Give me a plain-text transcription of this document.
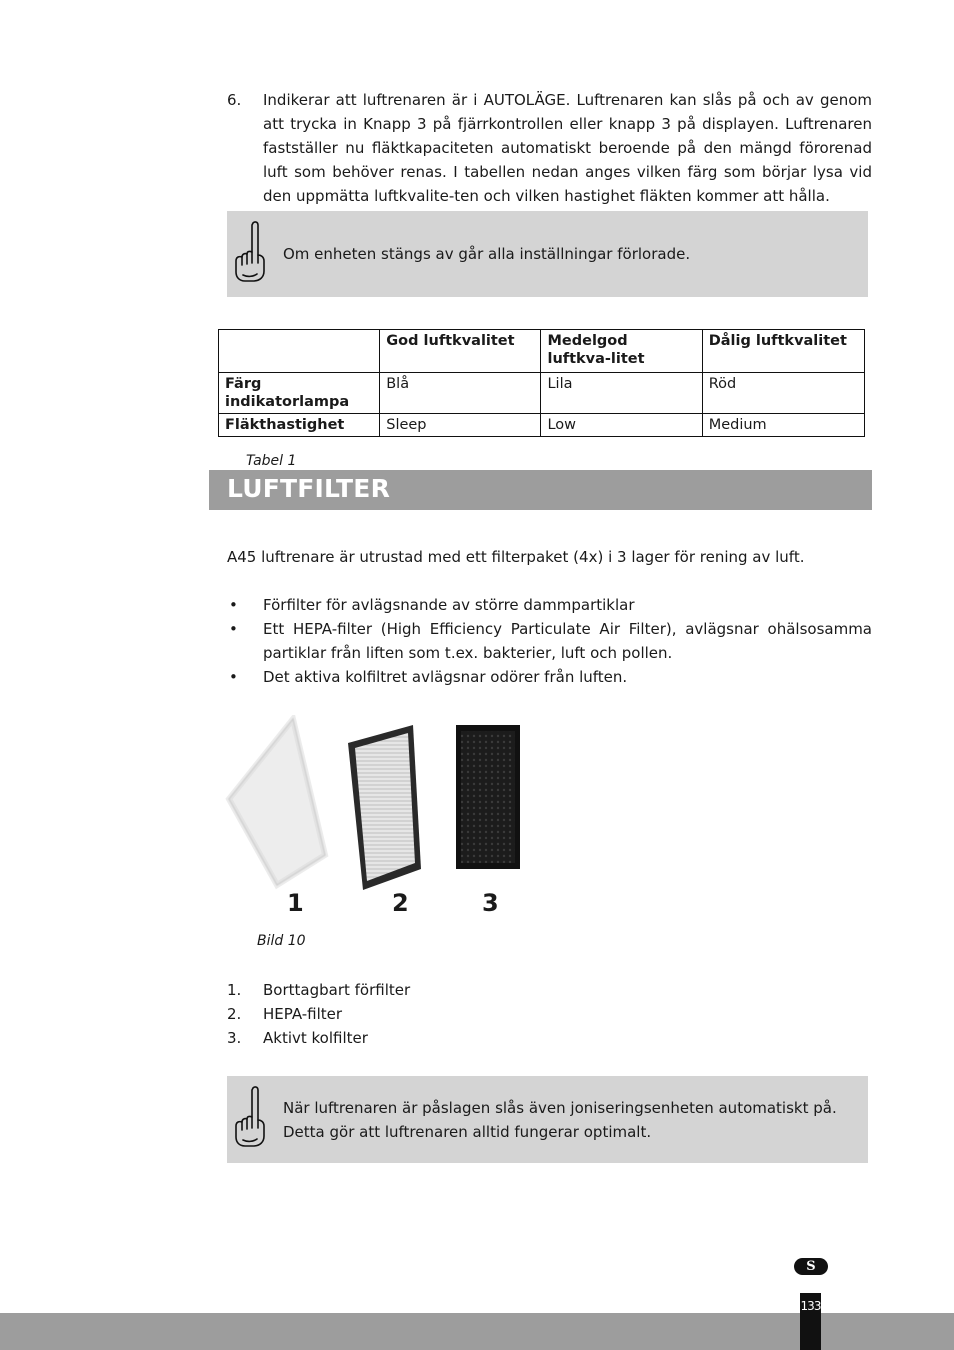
6.	Indikerar att luftrenaren är i AUTOLÄGE. Luftrenaren kan slås på och av genom att trycka in Knapp 3 på fjärrkontrollen eller knapp 3 på displayen. Luftrenaren fastställer nu fläktkapaciteten automatiskt beroende på den mängd förorenad luft som behöver renas. I tabellen nedan anges vilken färg som börjar lysa vid den uppmätta luftkvalite-ten och vilken hastighet fläkten kommer att hålla.
Om enheten stängs av går alla inställningar förlorade.
	God luftkvalitet	Medelgod luftkva-litet	Dålig luftkvalitet
Färg indikatorlampa	Blå	Lila	Röd
Fläkthastighet	Sleep	Low	Medium
Tabel 1
LUFTFILTER
A45 luftrenare är utrustad med ett filterpaket (4x) i 3 lager för rening av luft.
•	Förfilter för avlägsnande av större dammpartiklar
•	Ett HEPA-filter (High Efficiency Particulate Air Filter), avlägsnar ohälsosamma partiklar från liften som t.ex. bakterier, luft och pollen.
•	Det aktiva kolfiltret avlägsnar odörer från luften.
1	2	3
Bild 10
1.	Borttagbart förfilter
2.	HEPA-filter
3.	Aktivt kolfilter
När luftrenaren är påslagen slås även joniseringsenheten automatiskt på. Detta gör att luftrenaren alltid fungerar optimalt.
S
133
